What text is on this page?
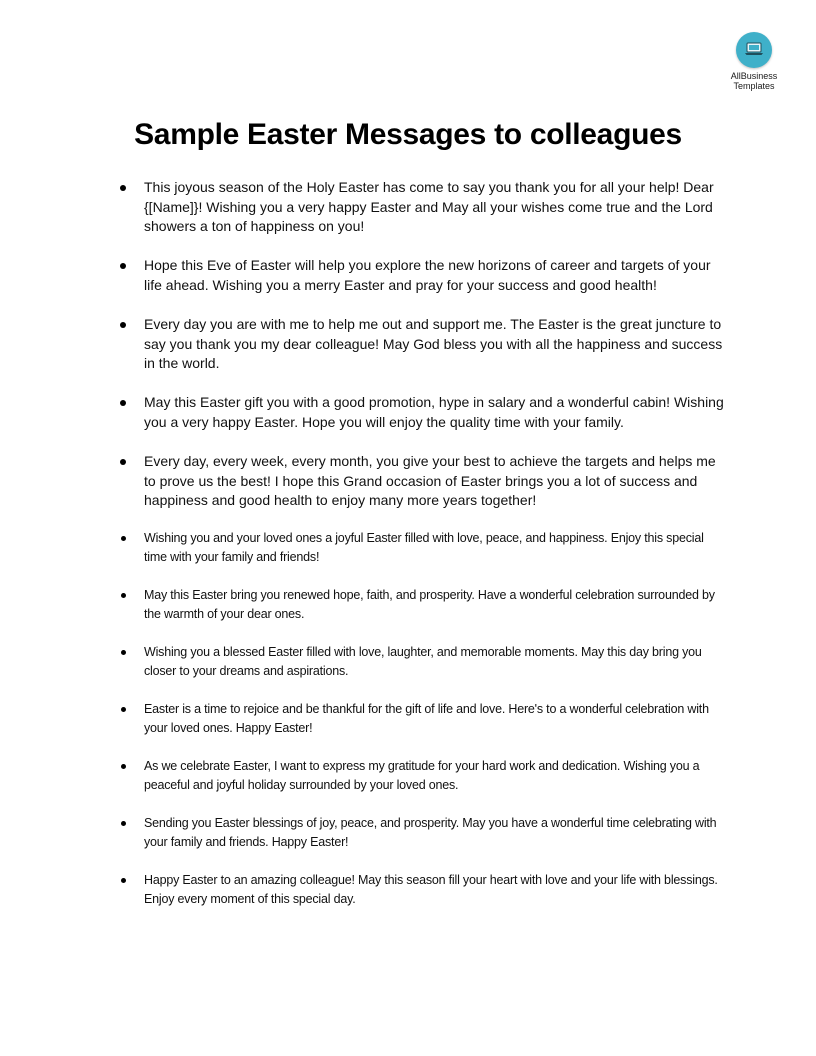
AllBusiness
Templates
Sample Easter Messages to colleagues
This joyous season of the Holy Easter has come to say you thank you for all your help! Dear {[Name]}! Wishing you a very happy Easter and May all your wishes come true and the Lord showers a ton of happiness on you!
Hope this Eve of Easter will help you explore the new horizons of career and targets of your life ahead. Wishing you a merry Easter and pray for your success and good health!
Every day you are with me to help me out and support me. The Easter is the great juncture to say you thank you my dear colleague! May God bless you with all the happiness and success in the world.
May this Easter gift you with a good promotion, hype in salary and a wonderful cabin! Wishing you a very happy Easter. Hope you will enjoy the quality time with your family.
Every day, every week, every month, you give your best to achieve the targets and helps me to prove us the best! I hope this Grand occasion of Easter brings you a lot of success and happiness and good health to enjoy many more years together!
Wishing you and your loved ones a joyful Easter filled with love, peace, and happiness. Enjoy this special time with your family and friends!
May this Easter bring you renewed hope, faith, and prosperity. Have a wonderful celebration surrounded by the warmth of your dear ones.
Wishing you a blessed Easter filled with love, laughter, and memorable moments. May this day bring you closer to your dreams and aspirations.
Easter is a time to rejoice and be thankful for the gift of life and love. Here's to a wonderful celebration with your loved ones. Happy Easter!
As we celebrate Easter, I want to express my gratitude for your hard work and dedication. Wishing you a peaceful and joyful holiday surrounded by your loved ones.
Sending you Easter blessings of joy, peace, and prosperity. May you have a wonderful time celebrating with your family and friends. Happy Easter!
Happy Easter to an amazing colleague! May this season fill your heart with love and your life with blessings. Enjoy every moment of this special day.
